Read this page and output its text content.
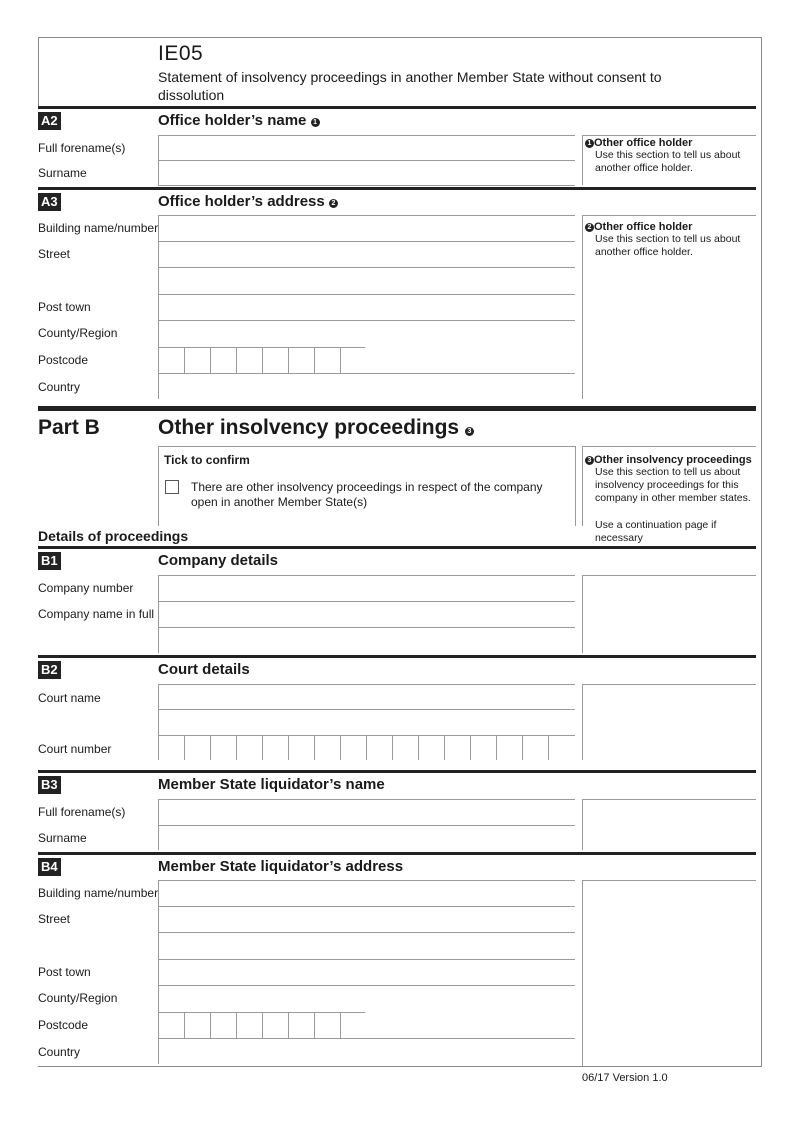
IE05
Statement of insolvency proceedings in another Member State without consent to dissolution
A2	Office holder’s name 1
Full forename(s)
Surname
1 Other office holder
Use this section to tell us about another office holder.
A3	Office holder’s address 2
Building name/number
Street
Post town
County/Region
Postcode
Country
2 Other office holder
Use this section to tell us about another office holder.
Part B	Other insolvency proceedings 3
Tick to confirm
There are other insolvency proceedings in respect of the company open in another Member State(s)
3 Other insolvency proceedings
Use this section to tell us about insolvency proceedings for this company in other member states.
Use a continuation page if necessary
Details of proceedings
B1	Company details
Company number
Company name in full
B2	Court details
Court name
Court number
B3	Member State liquidator’s name
Full forename(s)
Surname
B4	Member State liquidator’s address
Building name/number
Street
Post town
County/Region
Postcode
Country
06/17 Version 1.0
